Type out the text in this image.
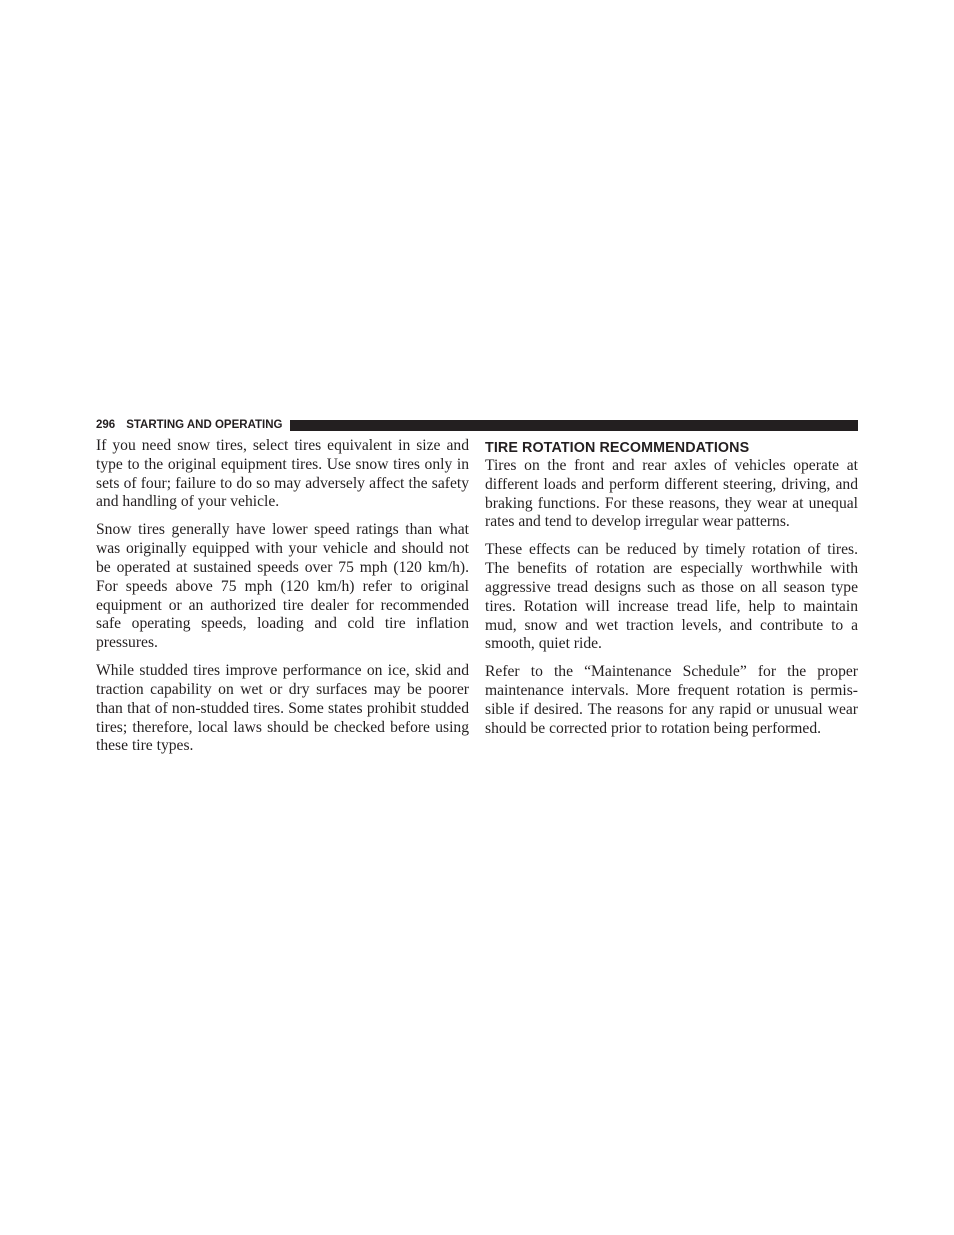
296 STARTING AND OPERATING

If you need snow tires, select tires equivalent in size and type to the original equipment tires. Use snow tires only in sets of four; failure to do so may adversely affect the safety and handling of your vehicle.

Snow tires generally have lower speed ratings than what was originally equipped with your vehicle and should not be operated at sustained speeds over 75 mph (120 km/h). For speeds above 75 mph (120 km/h) refer to original equipment or an authorized tire dealer for recommended safe operating speeds, loading and cold tire inflation pressures.

While studded tires improve performance on ice, skid and traction capability on wet or dry surfaces may be poorer than that of non-studded tires. Some states prohibit studded tires; therefore, local laws should be checked before using these tire types.

TIRE ROTATION RECOMMENDATIONS

Tires on the front and rear axles of vehicles operate at different loads and perform different steering, driving, and braking functions. For these reasons, they wear at unequal rates and tend to develop irregular wear patterns.

These effects can be reduced by timely rotation of tires. The benefits of rotation are especially worthwhile with aggressive tread designs such as those on all season type tires. Rotation will increase tread life, help to maintain mud, snow and wet traction levels, and contribute to a smooth, quiet ride.

Refer to the “Maintenance Schedule” for the proper maintenance intervals. More frequent rotation is permissible if desired. The reasons for any rapid or unusual wear should be corrected prior to rotation being performed.
